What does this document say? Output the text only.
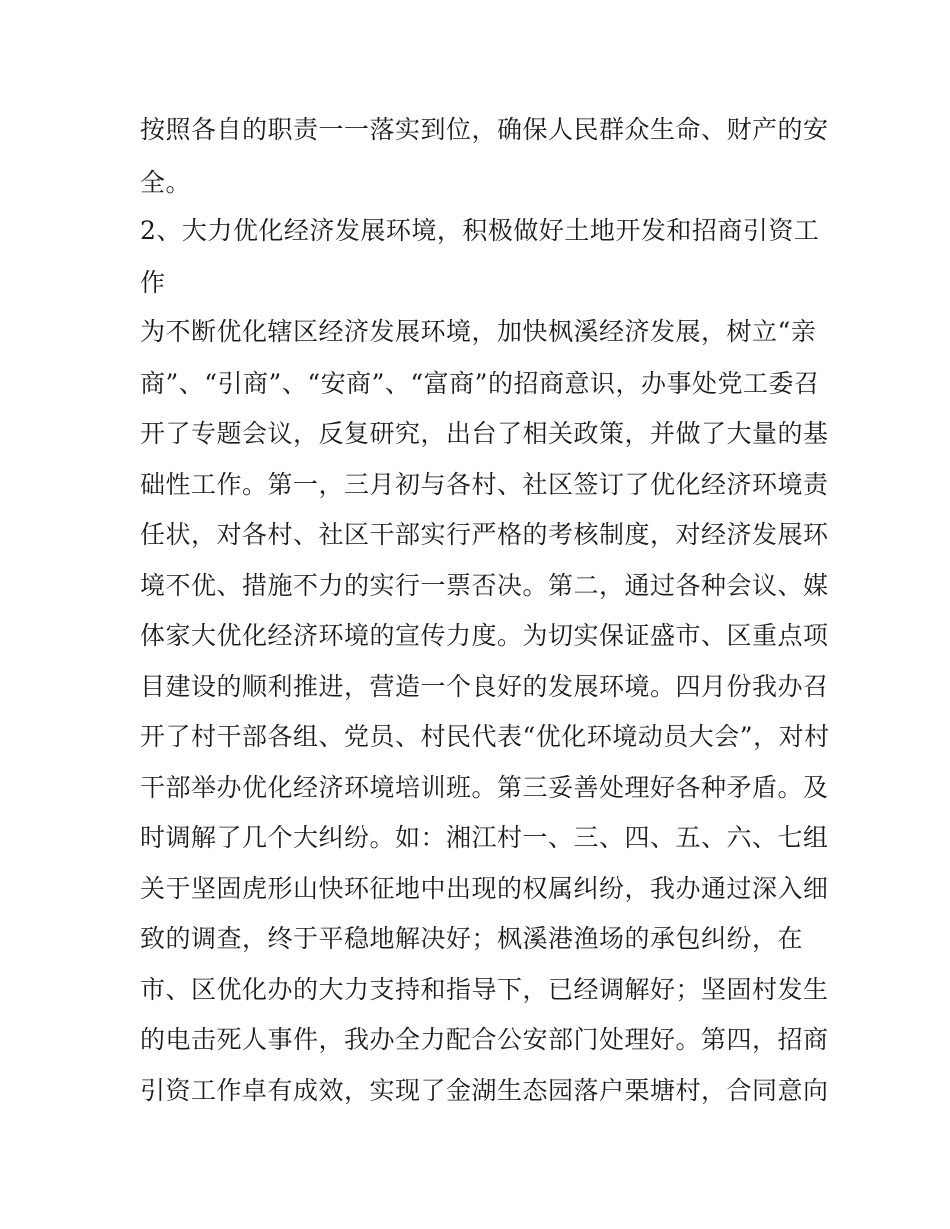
按照各自的职责一一落实到位，确保人民群众生命、财产的安
全。
2、大力优化经济发展环境，积极做好土地开发和招商引资工
作
为不断优化辖区经济发展环境，加快枫溪经济发展，树立“亲
商”、“引商”、“安商”、“富商”的招商意识，办事处党工委召
开了专题会议，反复研究，出台了相关政策，并做了大量的基
础性工作。第一，三月初与各村、社区签订了优化经济环境责
任状，对各村、社区干部实行严格的考核制度，对经济发展环
境不优、措施不力的实行一票否决。第二，通过各种会议、媒
体家大优化经济环境的宣传力度。为切实保证盛市、区重点项
目建设的顺利推进，营造一个良好的发展环境。四月份我办召
开了村干部各组、党员、村民代表“优化环境动员大会”，对村
干部举办优化经济环境培训班。第三妥善处理好各种矛盾。及
时调解了几个大纠纷。如：湘江村一、三、四、五、六、七组
关于坚固虎形山快环征地中出现的权属纠纷，我办通过深入细
致的调查，终于平稳地解决好；枫溪港渔场的承包纠纷，在
市、区优化办的大力支持和指导下，已经调解好；坚固村发生
的电击死人事件，我办全力配合公安部门处理好。第四，招商
引资工作卓有成效，实现了金湖生态园落户栗塘村，合同意向
